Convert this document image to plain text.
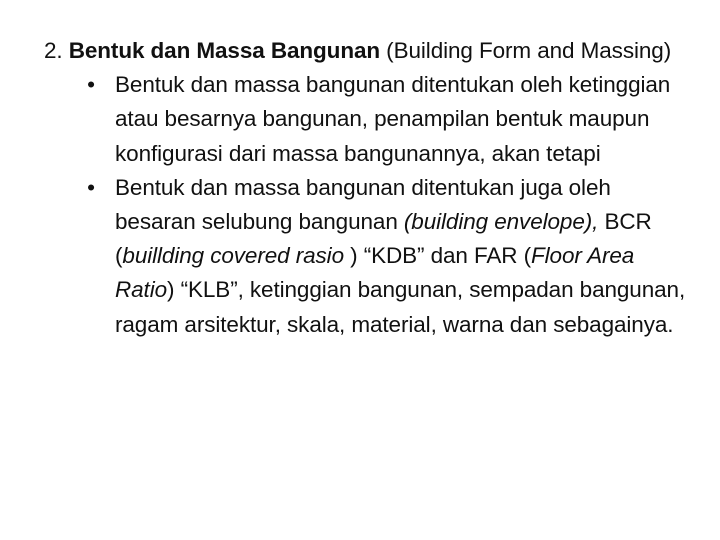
2. Bentuk dan Massa Bangunan (Building Form and Massing)

• Bentuk dan massa bangunan ditentukan oleh ketinggian atau besarnya bangunan, penampilan bentuk maupun konfigurasi dari massa bangunannya, akan tetapi
• Bentuk dan massa bangunan ditentukan juga oleh besaran selubung bangunan (building envelope), BCR (buillding covered rasio ) “KDB” dan FAR (Floor Area Ratio) “KLB”, ketinggian bangunan, sempadan bangunan, ragam arsitektur, skala, material, warna dan sebagainya.
